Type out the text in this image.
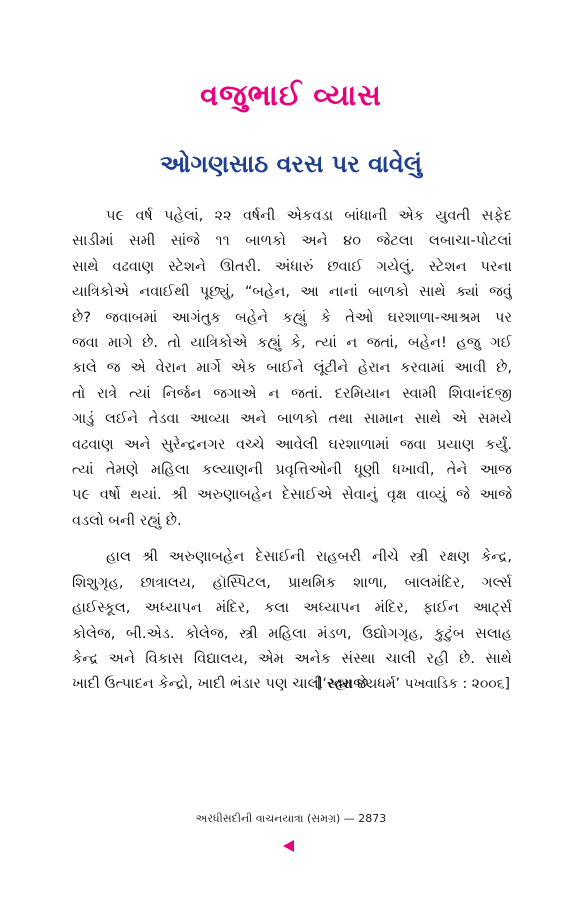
વજુભાઈ વ્યાસ
ઓગણસાઠ વરસ પર વાવેલું

૫૯ વર્ષ પહેલાં, ૨૨ વર્ષની એકવડા બાંધાની એક યુવતી સફેદ
સાડીમાં સમી સાંજે ૧૧ બાળકો અને ૪૦ જેટલા લબાચા-પોટલાં
સાથે વઢવાણ સ્ટેશને ઊતરી. અંધારું છવાઈ ગયેલું. સ્ટેશન પરના
યાત્રિકોએ નવાઈથી પૂછ્યું, “બહેન, આ નાનાં બાળકો સાથે ક્યાં જવું
છે? જવાબમાં આગંતુક બહેને કહ્યું કે તેઓ ઘરશાળા-આશ્રમ પર
જવા માગે છે. તો યાત્રિકોએ કહ્યું કે, ત્યાં ન જતાં, બહેન! હજુ ગઈ
કાલે જ એ વેરાન માર્ગે એક બાઈને લૂંટીને હેરાન કરવામાં આવી છે,
તો રાત્રે ત્યાં નિર્જન જગાએ ન જતાં. દરમિયાન સ્વામી શિવાનંદજી
ગાડું લઈને તેડવા આવ્યા અને બાળકો તથા સામાન સાથે એ સમયે
વઢવાણ અને સુરેન્દ્રનગર વચ્ચે આવેલી ઘરશાળામાં જવા પ્રયાણ કર્યું.
ત્યાં તેમણે મહિલા કલ્યાણની પ્રવૃત્તિઓની ધૂણી ધખાવી, તેને આજ
૫૯ વર્ષો થયાં. શ્રી અરુણાબહેન દેસાઈએ સેવાનું વૃક્ષ વાવ્યું જે આજે
વડલો બની રહ્યું છે.

હાલ શ્રી અરુણાબહેન દેસાઈની રાહબરી નીચે સ્ત્રી રક્ષણ કેન્દ્ર,
શિશુગૃહ, છાત્રાલય, હૉસ્પિટલ, પ્રાથમિક શાળા, બાલમંદિર, ગર્લ્સ
હાઈસ્કૂલ, અધ્યાપન મંદિર, કલા અધ્યાપન મંદિર, ફાઈન આર્ટ્સ
કોલેજ, બી.એડ. કોલેજ, સ્ત્રી મહિલા મંડળ, ઉદ્યોગગૃહ, કુટુંબ સલાહ
કેન્દ્ર અને વિકાસ વિદ્યાલય, એમ અનેક સંસ્થા ચાલી રહી છે. સાથે
ખાદી ઉત્પાદન કેન્દ્રો, ખાદી ભંડાર પણ ચાલી રહ્યા છે.

[‘સ્વરાજ્યધર્મ’ પખવાડિક : ૨૦૦૬]
અરધીસદીની વાચનયાત્રા (સમગ્ર) — 2873
